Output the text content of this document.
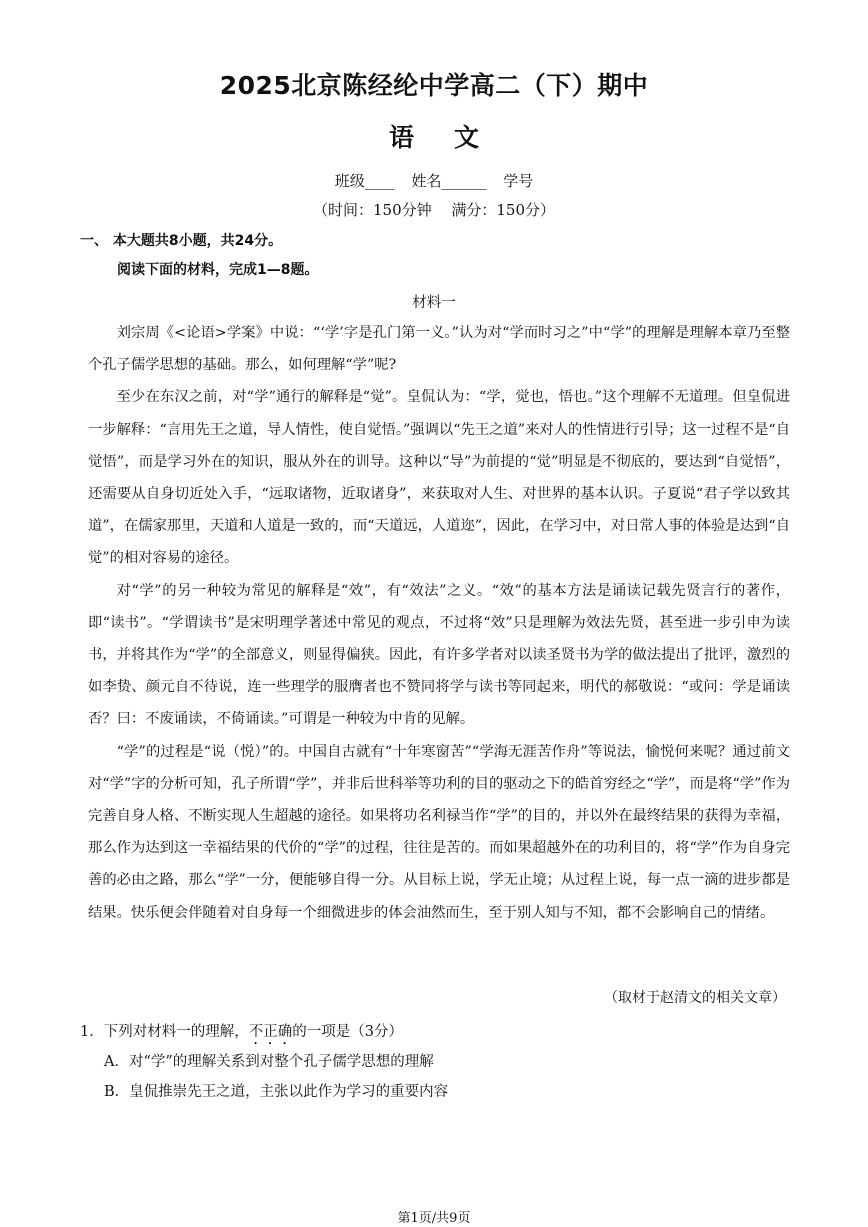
2025北京陈经纶中学高二（下）期中
语文
班级____ 姓名______ 学号
（时间：150分钟　 满分：150分）
一、 本大题共8小题，共24分。
阅读下面的材料，完成1—8题。
材料一

刘宗周《<论语>学案》中说：“‘学’字是孔门第一义。”认为对“学而时习之”中“学”的理解是理解本章乃至整个孔子儒学思想的基础。那么，如何理解“学”呢?

至少在东汉之前，对“学”通行的解释是“觉”。皇侃认为：“学，觉也，悟也。”这个理解不无道理。但皇侃进一步解释：“言用先王之道，导人情性，使自觉悟。”强调以“先王之道”来对人的性情进行引导；这一过程不是“自觉悟”，而是学习外在的知识，服从外在的训导。这种以“导”为前提的“觉”明显是不彻底的，要达到“自觉悟”，还需要从自身切近处入手，“远取诸物，近取诸身”，来获取对人生、对世界的基本认识。子夏说“君子学以致其道”，在儒家那里，天道和人道是一致的，而“天道远，人道迩”，因此，在学习中，对日常人事的体验是达到“自觉”的相对容易的途径。

对“学”的另一种较为常见的解释是“效”，有“效法”之义。“效”的基本方法是诵读记载先贤言行的著作，即“读书”。“学谓读书”是宋明理学著述中常见的观点，不过将“效”只是理解为效法先贤，甚至进一步引申为读书，并将其作为“学”的全部意义，则显得偏狭。因此，有许多学者对以读圣贤书为学的做法提出了批评，激烈的如李贽、颜元自不待说，连一些理学的服膺者也不赞同将学与读书等同起来，明代的郝敬说：“或问：学是诵读否？曰：不废诵读，不倚诵读。”可谓是一种较为中肯的见解。

“学”的过程是“说（悦）”的。中国自古就有“十年寒窗苦”“学海无涯苦作舟”等说法，愉悦何来呢？通过前文对“学”字的分析可知，孔子所谓“学”，并非后世科举等功利的目的驱动之下的皓首穷经之“学”，而是将“学”作为完善自身人格、不断实现人生超越的途径。如果将功名利禄当作“学”的目的，并以外在最终结果的获得为幸福，那么作为达到这一幸福结果的代价的“学”的过程，往往是苦的。而如果超越外在的功利目的，将“学”作为自身完善的必由之路，那么“学”一分，便能够自得一分。从目标上说，学无止境；从过程上说，每一点一滴的进步都是结果。快乐便会伴随着对自身每一个细微进步的体会油然而生，至于别人知与不知，都不会影响自己的情绪。

（取材于赵清文的相关文章）
1．下列对材料一的理解，不正确的一项是（3分）
A．对“学”的理解关系到对整个孔子儒学思想的理解
B．皇侃推崇先王之道，主张以此作为学习的重要内容
第1页/共9页
